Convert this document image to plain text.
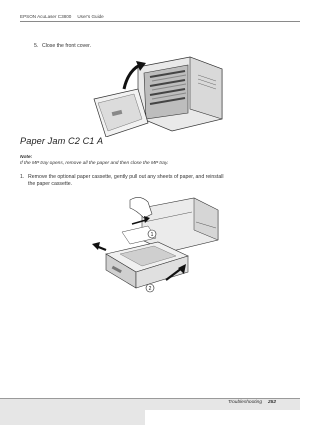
EPSON AcuLaser C3800 User's Guide
5. Close the front cover.
Paper Jam C2 C1 A
Note:
If the MP tray opens, remove all the paper and then close the MP tray.
1. Remove the optional paper cassette, gently pull out any sheets of paper, and reinstall
the paper cassette.
1
2
Troubleshooting 252
